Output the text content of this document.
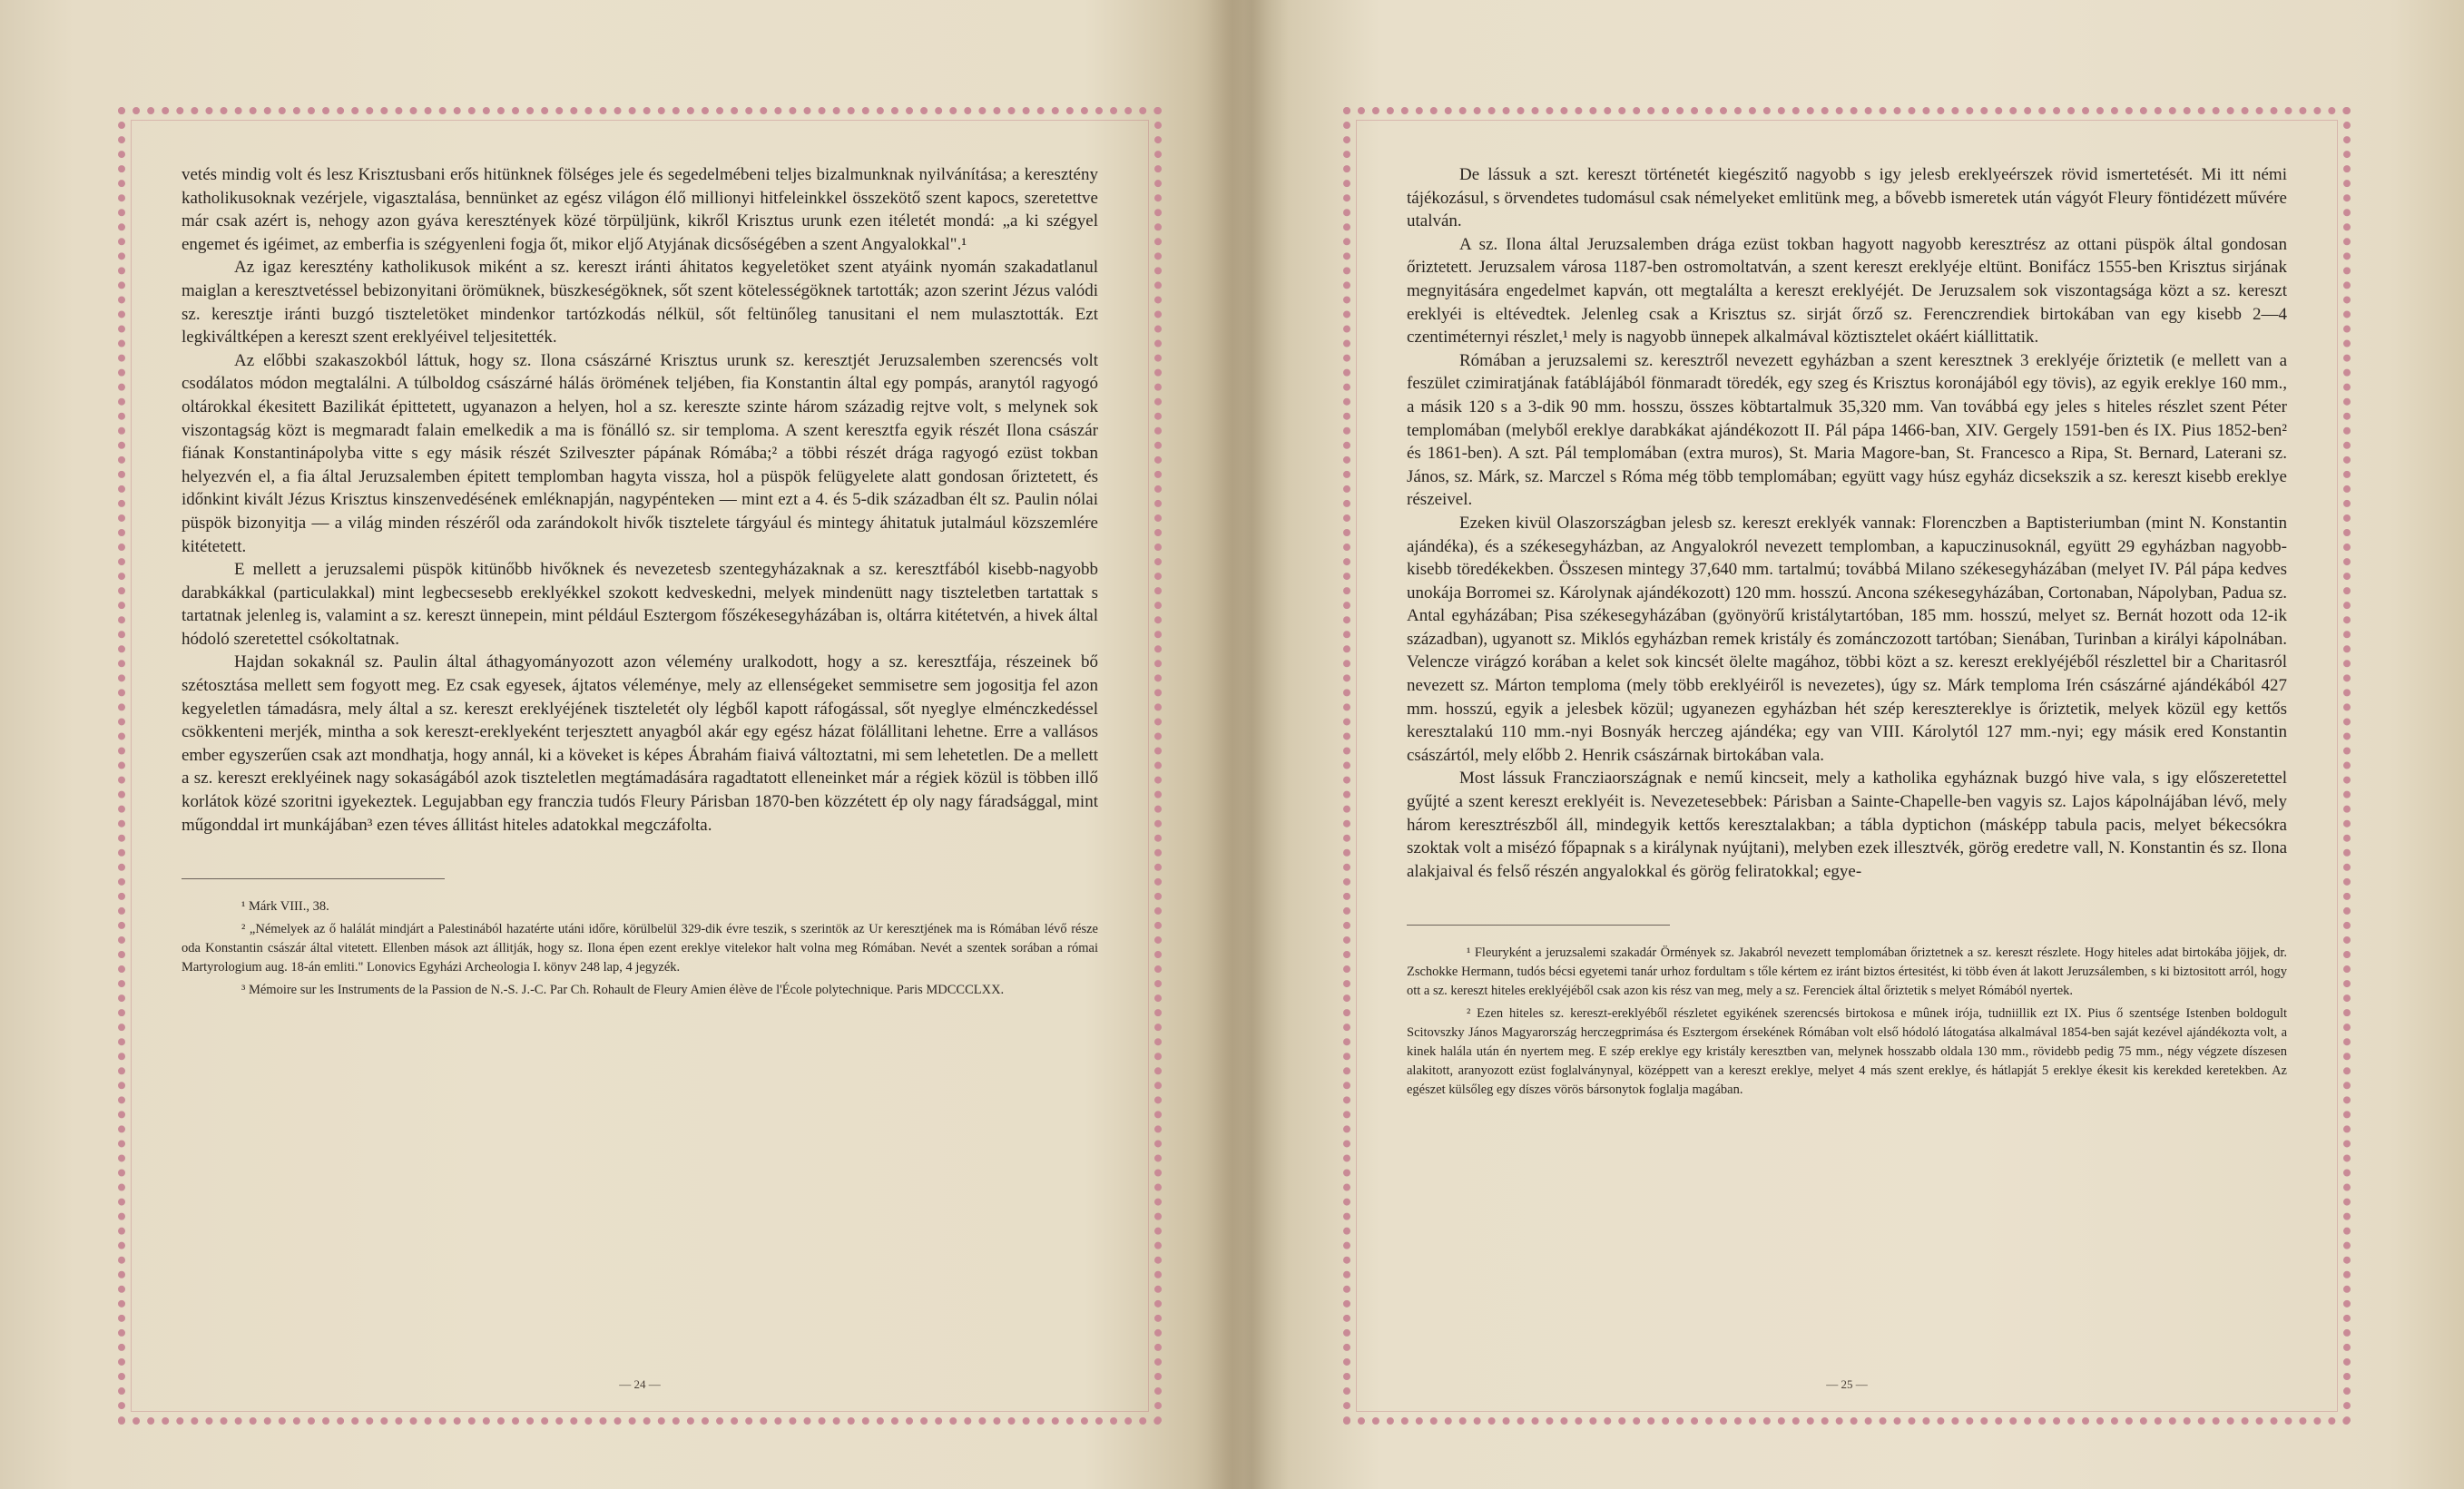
vetés mindig volt és lesz Krisztusbani erős hitünknek fölséges jele és segedelmébeni teljes bizalmunknak nyilvánítása; a keresztény katholikusoknak vezérjele, vigasztalása, bennünket az egész világon élő millionyi hitfeleinkkel összekötő szent kapocs, szeretettve már csak azért is, nehogy azon gyáva keresztények közé törpüljünk, kikről Krisztus urunk ezen itéletét mondá: „a ki szégyel engemet és igéimet, az emberfia is szégyenleni fogja őt, mikor eljő Atyjának dicsőségében a szent Angyalokkal".¹

Az igaz keresztény katholikusok miként a sz. kereszt iránti áhitatos kegyeletöket szent atyáink nyomán szakadatlanul maiglan a keresztvetéssel bebizonyitani örömüknek, büszkeségöknek, sőt szent kötelességöknek tartották; azon szerint Jézus valódi sz. keresztje iránti buzgó tiszteletöket mindenkor tartózkodás nélkül, sőt feltünőleg tanusitani el nem mulasztották. Ezt legkiváltképen a kereszt szent ereklyéivel teljesitették.

Az előbbi szakaszokból láttuk, hogy sz. Ilona császárné Krisztus urunk sz. keresztjét Jeruzsalemben szerencsés volt csodálatos módon megtalálni. A túlboldog császárné hálás örömének teljében, fia Konstantin által egy pompás, aranytól ragyogó oltárokkal ékesitett Bazilikát épittetett, ugyanazon a helyen, hol a sz. kereszte szinte három századig rejtve volt, s melynek sok viszontagság közt is megmaradt falain emelkedik a ma is fönálló sz. sir temploma. A szent keresztfa egyik részét Ilona császár fiának Konstantinápolyba vitte s egy másik részét Szilveszter pápának Rómába;² a többi részét drága ragyogó ezüst tokban helyezvén el, a fia által Jeruzsalemben épitett templomban hagyta vissza, hol a püspök felügyelete alatt gondosan őriztetett, és időnkint kivált Jézus Krisztus kinszenvedésének emléknapján, nagypénteken — mint ezt a 4. és 5-dik században élt sz. Paulin nólai püspök bizonyitja — a világ minden részéről oda zarándokolt hivők tisztelete tárgyául és mintegy áhitatuk jutalmául közszemlére kitétetett.

E mellett a jeruzsalemi püspök kitünőbb hivőknek és nevezetesb szentegyházaknak a sz. keresztfából kisebb-nagyobb darabkákkal (particulakkal) mint legbecsesebb ereklyékkel szokott kedveskedni, melyek mindenütt nagy tiszteletben tartattak s tartatnak jelenleg is, valamint a sz. kereszt ünnepein, mint például Esztergom főszékesegyházában is, oltárra kitétetvén, a hivek által hódoló szeretettel csókoltatnak.

Hajdan sokaknál sz. Paulin által áthagyományozott azon vélemény uralkodott, hogy a sz. keresztfája, részeinek bő szétosztása mellett sem fogyott meg. Ez csak egyesek, ájtatos véleménye, mely az ellenségeket semmisetre sem jogositja fel azon kegyeletlen támadásra, mely által a sz. kereszt ereklyéjének tiszteletét oly légből kapott ráfogással, sőt nyeglye elménczkedéssel csökkenteni merjék, mintha a sok kereszt-ereklyeként terjesztett anyagból akár egy egész házat fölállitani lehetne. Erre a vallásos ember egyszerűen csak azt mondhatja, hogy annál, ki a köveket is képes Ábrahám fiaivá változtatni, mi sem lehetetlen. De a mellett a sz. kereszt ereklyéinek nagy sokaságából azok tiszteletlen megtámadására ragadtatott elleneinket már a régiek közül is többen illő korlátok közé szoritni igyekeztek. Legujabban egy franczia tudós Fleury Párisban 1870-ben közzétett ép oly nagy fáradsággal, mint műgonddal irt munkájában³ ezen téves állitást hiteles adatokkal megczáfolta.

¹ Márk VIII., 38.

² „Némelyek az ő halálát mindjárt a Palestinából hazatérte utáni időre, körülbelül 329-dik évre teszik, s szerintök az Ur keresztjének ma is Rómában lévő része oda Konstantin császár által vitetett. Ellenben mások azt állitják, hogy sz. Ilona épen ezent ereklye vitelekor halt volna meg Rómában. Nevét a szentek sorában a római Martyrologium aug. 18-án emliti." Lonovics Egyházi Archeologia I. könyv 248 lap, 4 jegyzék.

³ Mémoire sur les Instruments de la Passion de N.-S. J.-C. Par Ch. Rohault de Fleury Amien élève de l'École polytechnique. Paris MDCCCLXX.

— 24 —

De lássuk a szt. kereszt történetét kiegészitő nagyobb s igy jelesb ereklyeérszek rövid ismertetését. Mi itt némi tájékozásul, s örvendetes tudomásul csak némelyeket emlitünk meg, a bővebb ismeretek után vágyót Fleury föntidézett művére utalván.

A sz. Ilona által Jeruzsalemben drága ezüst tokban hagyott nagyobb keresztrész az ottani püspök által gondosan őriztetett. Jeruzsalem városa 1187-ben ostromoltatván, a szent kereszt ereklyéje eltünt. Bonifácz 1555-ben Krisztus sirjának megnyitására engedelmet kapván, ott megtalálta a kereszt ereklyéjét. De Jeruzsalem sok viszontagsága közt a sz. kereszt ereklyéi is eltévedtek. Jelenleg csak a Krisztus sz. sirját őrző sz. Ferenczrendiek birtokában van egy kisebb 2—4 czentiméternyi részlet,¹ mely is nagyobb ünnepek alkalmával köztisztelet okáért kiállittatik.

Rómában a jeruzsalemi sz. keresztről nevezett egyházban a szent keresztnek 3 ereklyéje őriztetik (e mellett van a feszület czimiratjának fatáblájából fönmaradt töredék, egy szeg és Krisztus koronájából egy tövis), az egyik ereklye 160 mm., a másik 120 s a 3-dik 90 mm. hosszu, összes köbtartalmuk 35,320 mm. Van továbbá egy jeles s hiteles részlet szent Péter templomában (melyből ereklye darabkákat ajándékozott II. Pál pápa 1466-ban, XIV. Gergely 1591-ben és IX. Pius 1852-ben² és 1861-ben). A szt. Pál templomában (extra muros), St. Maria Magore-ban, St. Francesco a Ripa, St. Bernard, Laterani sz. János, sz. Márk, sz. Marczel s Róma még több templomában; együtt vagy húsz egyház dicsekszik a sz. kereszt kisebb ereklye részeivel.

Ezeken kivül Olaszországban jelesb sz. kereszt ereklyék vannak: Florenczben a Baptisteriumban (mint N. Konstantin ajándéka), és a székesegyházban, az Angyalokról nevezett templomban, a kapuczinusoknál, együtt 29 egyházban nagyobb-kisebb töredékekben. Összesen mintegy 37,640 mm. tartalmú; továbbá Milano székesegyházában (melyet IV. Pál pápa kedves unokája Borromei sz. Károlynak ajándékozott) 120 mm. hosszú. Ancona székesegyházában, Cortonaban, Nápolyban, Padua sz. Antal egyházában; Pisa székesegyházában (gyönyörű kristálytartóban, 185 mm. hosszú, melyet sz. Bernát hozott oda 12-ik században), ugyanott sz. Miklós egyházban remek kristály és zománczozott tartóban; Sienában, Turinban a királyi kápolnában. Velencze virágzó korában a kelet sok kincsét ölelte magához, többi közt a sz. kereszt ereklyéjéből részlettel bir a Charitasról nevezett sz. Márton temploma (mely több ereklyéiről is nevezetes), úgy sz. Márk temploma Irén császárné ajándékából 427 mm. hosszú, egyik a jelesbek közül; ugyanezen egyházban hét szép keresztereklye is őriztetik, melyek közül egy kettős keresztalakú 110 mm.-nyi Bosnyák herczeg ajándéka; egy van VIII. Károlytól 127 mm.-nyi; egy másik ered Konstantin császártól, mely előbb 2. Henrik császárnak birtokában vala.

Most lássuk Francziaországnak e nemű kincseit, mely a katholika egyháznak buzgó hive vala, s igy előszeretettel gyűjté a szent kereszt ereklyéit is. Nevezetesebbek: Párisban a Sainte-Chapelle-ben vagyis sz. Lajos kápolnájában lévő, mely három keresztrészből áll, mindegyik kettős keresztalakban; a tábla dyptichon (másképp tabula pacis, melyet békecsókra szoktak volt a misézó főpapnak s a királynak nyújtani), melyben ezek illesztvék, görög eredetre vall, N. Konstantin és sz. Ilona alakjaival és felső részén angyalokkal és görög feliratokkal; egye-

¹ Fleuryként a jeruzsalemi szakadár Örmények sz. Jakabról nevezett templomában őriztetnek a sz. kereszt részlete. Hogy hiteles adat birtokába jöjjek, dr. Zschokke Hermann, tudós bécsi egyetemi tanár urhoz fordultam s tőle kértem ez iránt biztos értesitést, ki több éven át lakott Jeruzsálemben, s ki biztositott arról, hogy ott a sz. kereszt hiteles ereklyéjéből csak azon kis rész van meg, mely a sz. Ferenciek által őriztetik s melyet Rómából nyertek.

² Ezen hiteles sz. kereszt-ereklyéből részletet egyikének szerencsés birtokosa e mûnek irója, tudniillik ezt IX. Pius ő szentsége Istenben boldogult Scitovszky János Magyarország herczegprimása és Esztergom érsekének Rómában volt első hódoló látogatása alkalmával 1854-ben saját kezével ajándékozta volt, a kinek halála után én nyertem meg. E szép ereklye egy kristály keresztben van, melynek hosszabb oldala 130 mm., rövidebb pedig 75 mm., négy végzete díszesen alakitott, aranyozott ezüst foglalványnyal, középpett van a kereszt ereklye, melyet 4 más szent ereklye, és hátlapját 5 ereklye ékesit kis kerekded keretekben. Az egészet külsőleg egy díszes vörös bársonytok foglalja magában.

— 25 —
